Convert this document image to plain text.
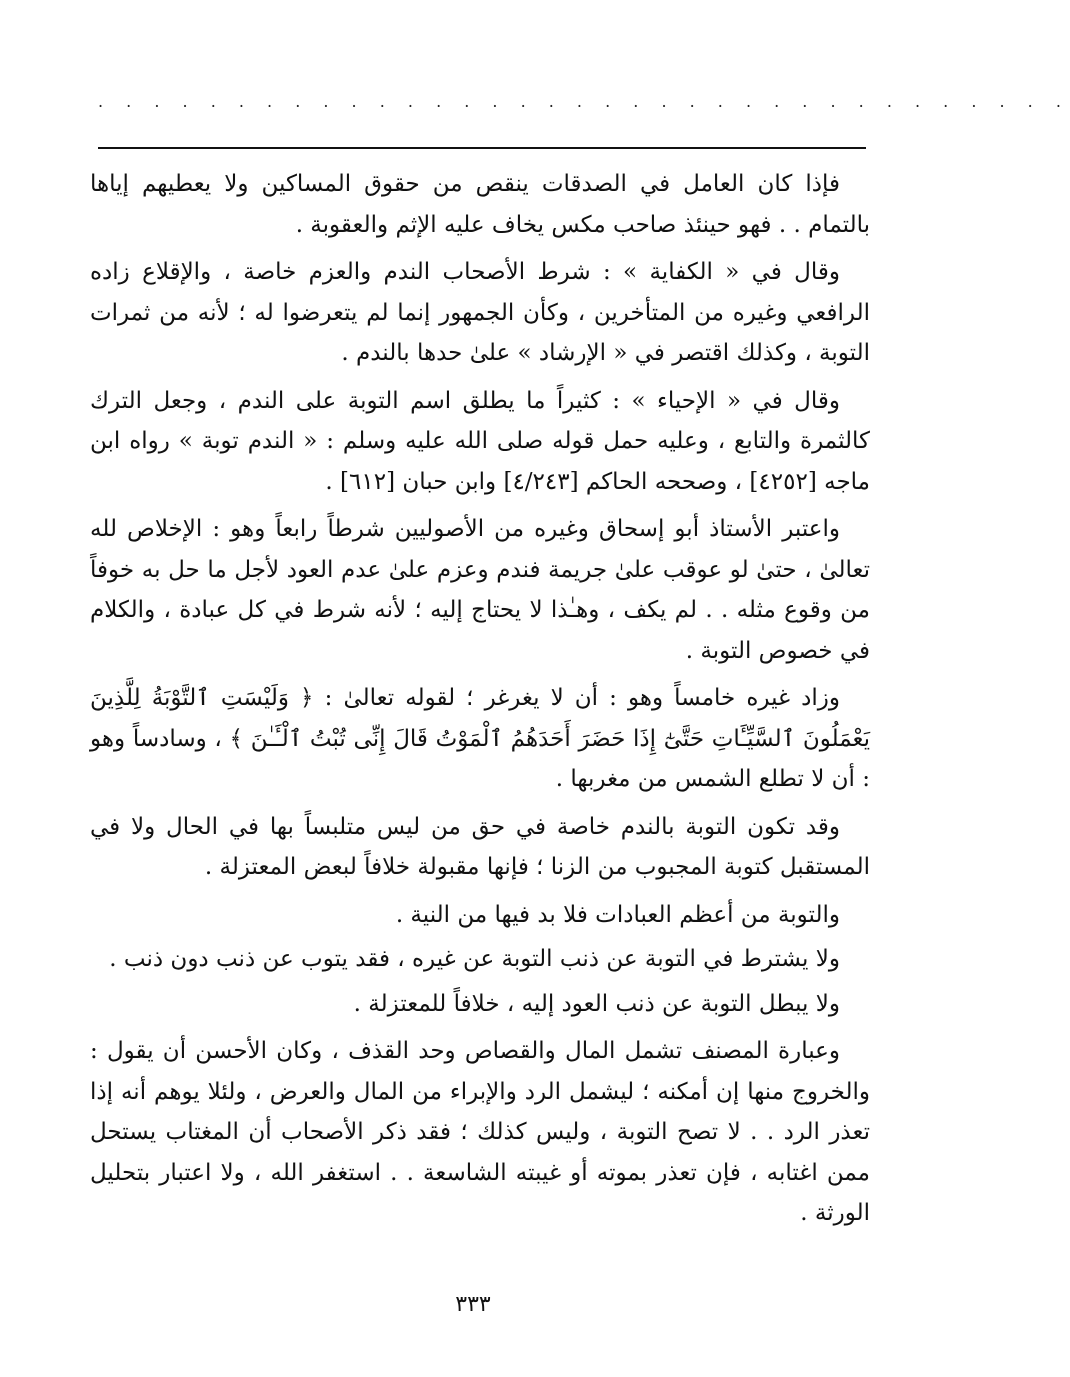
. . . . . . . . . . . . . . . . . . . . . . . . . . . . . . . . . . .

فإذا كان العامل في الصدقات ينقص من حقوق المساكين ولا يعطيهم إياها بالتمام . . فهو حينئذ صاحب مكس يخاف عليه الإثم والعقوبة .

وقال في « الكفاية » : شرط الأصحاب الندم والعزم خاصة ، والإقلاع زاده الرافعي وغيره من المتأخرين ، وكأن الجمهور إنما لم يتعرضوا له ؛ لأنه من ثمرات التوبة ، وكذلك اقتصر في « الإرشاد » علىٰ حدها بالندم .

وقال في « الإحياء » : كثيراً ما يطلق اسم التوبة على الندم ، وجعل الترك كالثمرة والتابع ، وعليه حمل قوله صلى الله عليه وسلم : « الندم توبة » رواه ابن ماجه [٤٢٥٢] ، وصححه الحاكم [٤/٢٤٣] وابن حبان [٦١٢] .

واعتبر الأستاذ أبو إسحاق وغيره من الأصوليين شرطاً رابعاً وهو : الإخلاص لله تعالىٰ ، حتىٰ لو عوقب علىٰ جريمة فندم وعزم علىٰ عدم العود لأجل ما حل به خوفاً من وقوع مثله . . لم يكف ، وهـٰذا لا يحتاج إليه ؛ لأنه شرط في كل عبادة ، والكلام في خصوص التوبة .

وزاد غيره خامساً وهو : أن لا يغرغر ؛ لقوله تعالىٰ : ﴿ وَلَيْسَتِ ٱلتَّوْبَةُ لِلَّذِينَ يَعْمَلُونَ ٱلسَّيِّـَٔاتِ حَتَّىٰٓ إِذَا حَضَرَ أَحَدَهُمُ ٱلْمَوْتُ قَالَ إِنِّى تُبْتُ ٱلْـَٔـٰنَ ﴾ ، وسادساً وهو : أن لا تطلع الشمس من مغربها .

وقد تكون التوبة بالندم خاصة في حق من ليس متلبساً بها في الحال ولا في المستقبل كتوبة المجبوب من الزنا ؛ فإنها مقبولة خلافاً لبعض المعتزلة .

والتوبة من أعظم العبادات فلا بد فيها من النية .

ولا يشترط في التوبة عن ذنب التوبة عن غيره ، فقد يتوب عن ذنب دون ذنب .

ولا يبطل التوبة عن ذنب العود إليه ، خلافاً للمعتزلة .

وعبارة المصنف تشمل المال والقصاص وحد القذف ، وكان الأحسن أن يقول : والخروج منها إن أمكنه ؛ ليشمل الرد والإبراء من المال والعرض ، ولئلا يوهم أنه إذا تعذر الرد . . لا تصح التوبة ، وليس كذلك ؛ فقد ذكر الأصحاب أن المغتاب يستحل ممن اغتابه ، فإن تعذر بموته أو غيبته الشاسعة . . استغفر الله ، ولا اعتبار بتحليل الورثة .

٣٣٣
